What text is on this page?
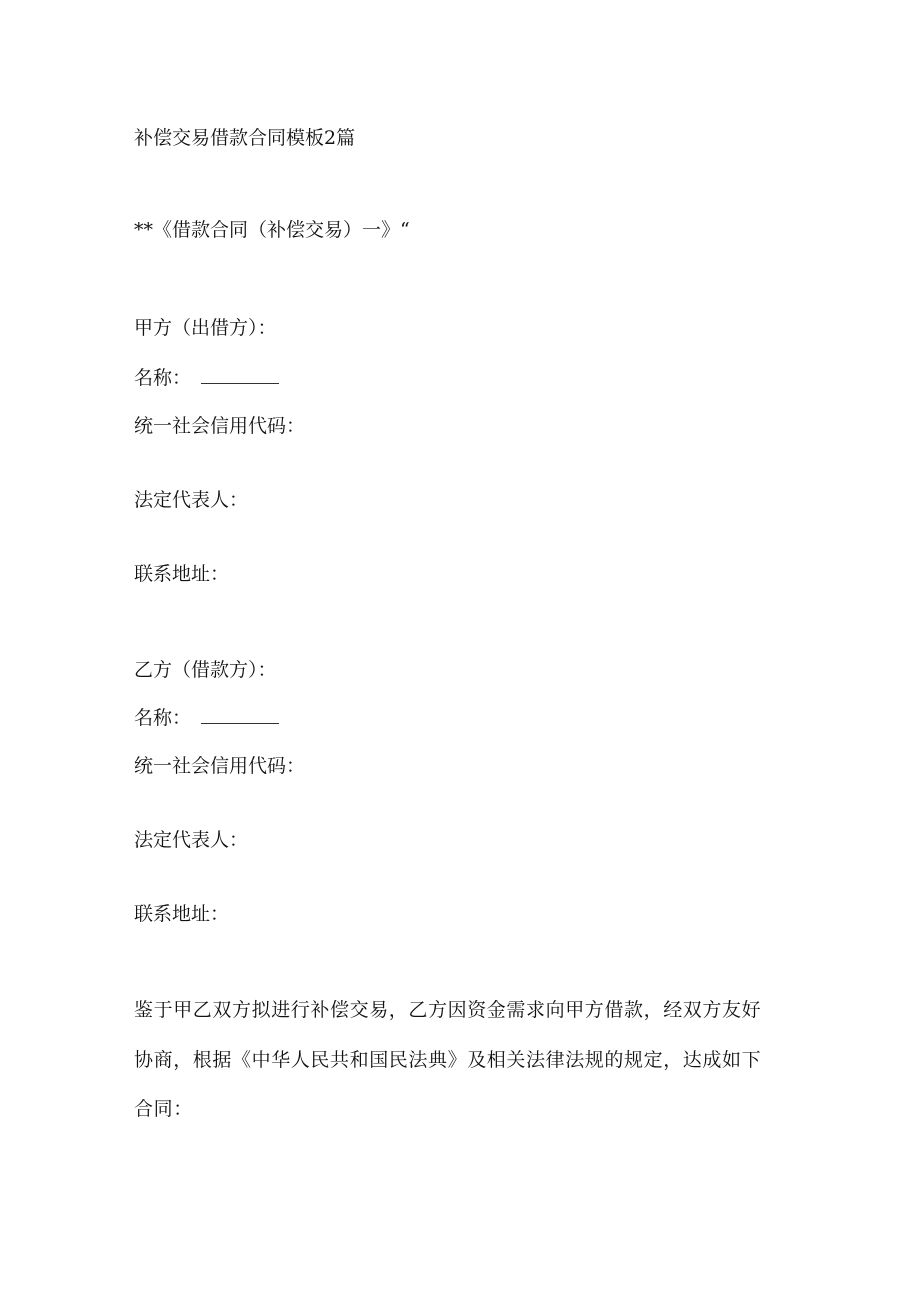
补偿交易借款合同模板2篇
**《借款合同（补偿交易）一》“
甲方（出借方）：
名称：
统一社会信用代码：
法定代表人：
联系地址：
乙方（借款方）：
名称：
统一社会信用代码：
法定代表人：
联系地址：
鉴于甲乙双方拟进行补偿交易，乙方因资金需求向甲方借款，经双方友好
协商，根据《中华人民共和国民法典》及相关法律法规的规定，达成如下
合同：
